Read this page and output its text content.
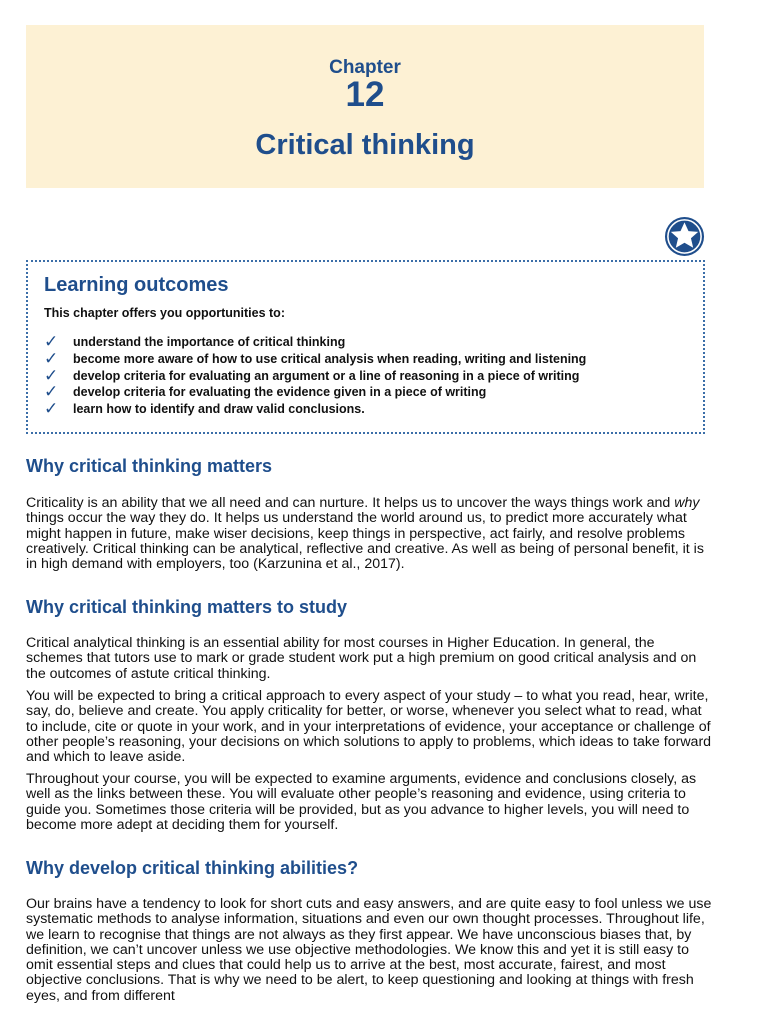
Chapter
12
Critical thinking
Learning outcomes
This chapter offers you opportunities to:
✓ understand the importance of critical thinking
✓ become more aware of how to use critical analysis when reading, writing and listening
✓ develop criteria for evaluating an argument or a line of reasoning in a piece of writing
✓ develop criteria for evaluating the evidence given in a piece of writing
✓ learn how to identify and draw valid conclusions.
Why critical thinking matters

Criticality is an ability that we all need and can nurture. It helps us to uncover the ways things work and why things occur the way they do. It helps us understand the world around us, to predict more accurately what might happen in future, make wiser decisions, keep things in perspective, act fairly, and resolve problems creatively. Critical thinking can be analytical, reflective and creative. As well as being of personal benefit, it is in high demand with employers, too (Karzunina et al., 2017).

Why critical thinking matters to study

Critical analytical thinking is an essential ability for most courses in Higher Education. In general, the schemes that tutors use to mark or grade student work put a high premium on good critical analysis and on the outcomes of astute critical thinking.

You will be expected to bring a critical approach to every aspect of your study – to what you read, hear, write, say, do, believe and create. You apply criticality for better, or worse, whenever you select what to read, what to include, cite or quote in your work, and in your interpretations of evidence, your acceptance or challenge of other people’s reasoning, your decisions on which solutions to apply to problems, which ideas to take forward and which to leave aside.

Throughout your course, you will be expected to examine arguments, evidence and conclusions closely, as well as the links between these. You will evaluate other people’s reasoning and evidence, using criteria to guide you. Sometimes those criteria will be provided, but as you advance to higher levels, you will need to become more adept at deciding them for yourself.

Why develop critical thinking abilities?

Our brains have a tendency to look for short cuts and easy answers, and are quite easy to fool unless we use systematic methods to analyse information, situations and even our own thought processes. Throughout life, we learn to recognise that things are not always as they first appear. We have unconscious biases that, by definition, we can’t uncover unless we use objective methodologies. We know this and yet it is still easy to omit essential steps and clues that could help us to arrive at the best, most accurate, fairest, and most objective conclusions. That is why we need to be alert, to keep questioning and looking at things with fresh eyes, and from different
